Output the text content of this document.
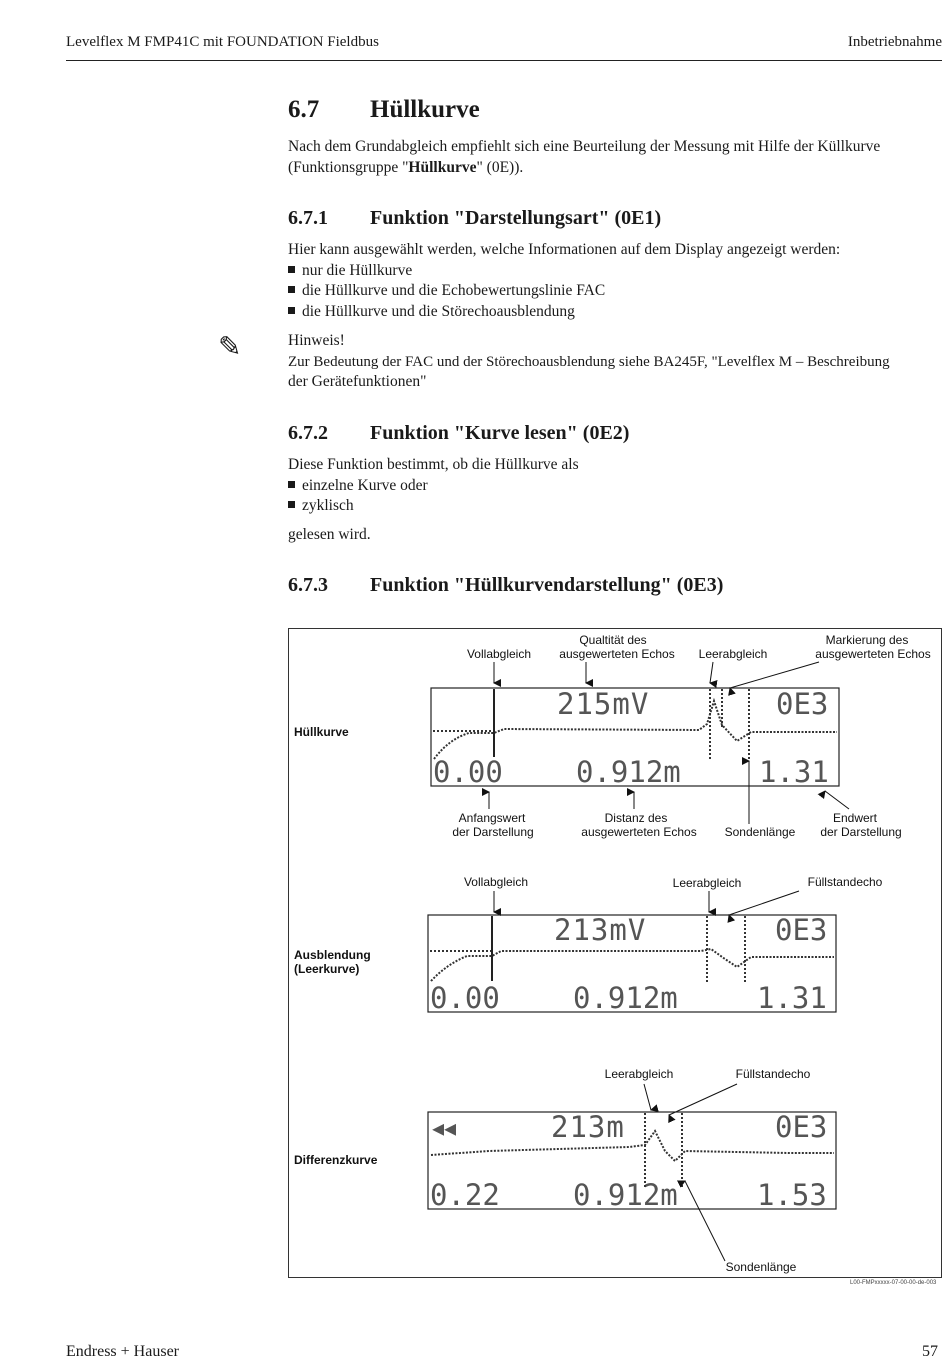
Levelflex M FMP41C mit FOUNDATION Fieldbus	Inbetriebnahme
6.7 Hüllkurve
Nach dem Grundabgleich empfiehlt sich eine Beurteilung der Messung mit Hilfe der Küllkurve
(Funktionsgruppe "Hüllkurve" (0E)).
6.7.1 Funktion "Darstellungsart" (0E1)
Hier kann ausgewählt werden, welche Informationen auf dem Display angezeigt werden:
nur die Hüllkurve
die Hüllkurve und die Echobewertungslinie FAC
die Hüllkurve und die Störechoausblendung
✎	Hinweis!
Zur Bedeutung der FAC und der Störechoausblendung siehe BA245F, "Levelflex M – Beschreibung
der Gerätefunktionen"
6.7.2 Funktion "Kurve lesen" (0E2)
Diese Funktion bestimmt, ob die Hüllkurve als
einzelne Kurve oder
zyklisch
gelesen wird.
6.7.3 Funktion "Hüllkurvendarstellung" (0E3)
Hüllkurve
Vollabgleich
Qualtität des
ausgewerteten Echos Leerabgleich
Markierung des
ausgewerteten Echos
215mV	0E3
0.00	0.912m	1.31
Anfangswert
der Darstellung
Distanz des
ausgewerteten Echos Sondenlänge
Endwert
der Darstellung
Ausblendung
(Leerkurve)
Vollabgleich	Leerabgleich	Füllstandecho
213mV	0E3
0.00	0.912m	1.31
Differenzkurve
Leerabgleich	Füllstandecho
◀◀	213m	0E3
0.22	0.912m	1.53
Sondenlänge
L00-FMPxxxxx-07-00-00-de-003
Endress + Hauser	57
